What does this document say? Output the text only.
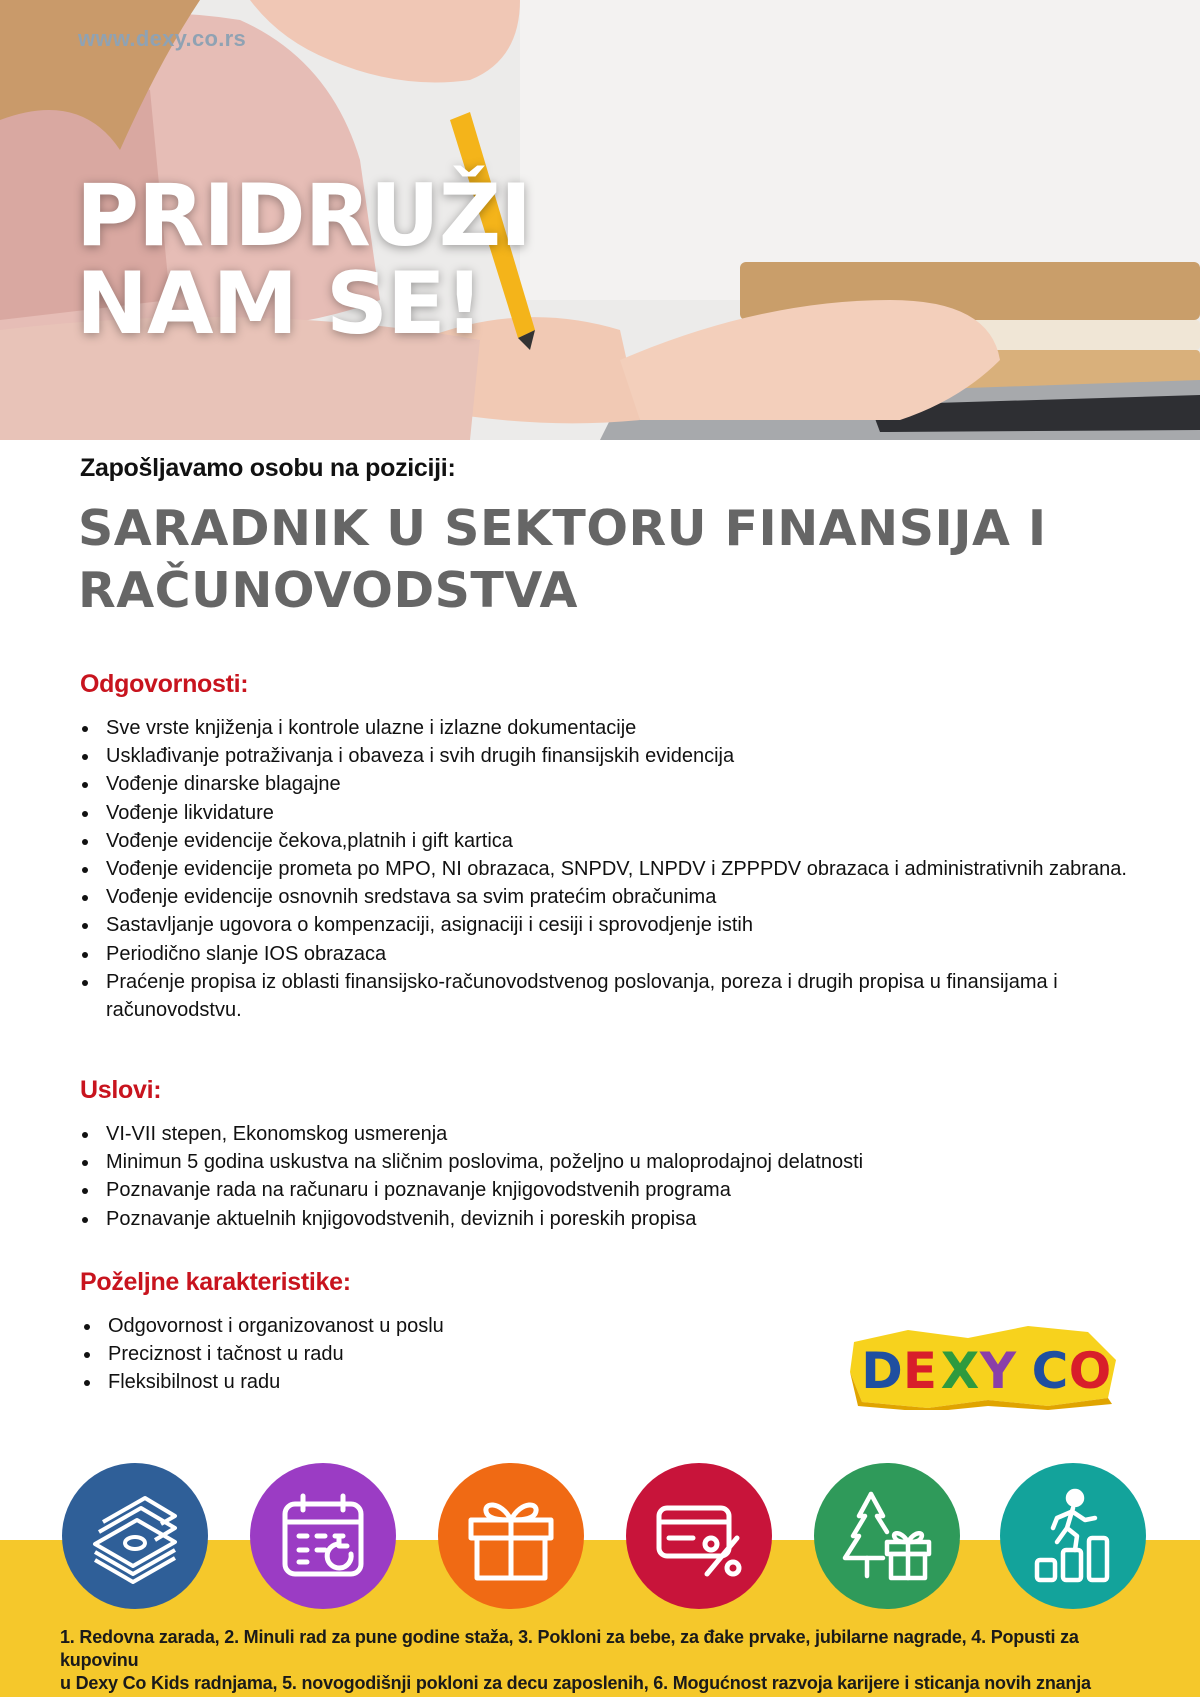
www.dexy.co.rs
PRIDRUŽI
NAM SE!
Zapošljavamo osobu na poziciji:
SARADNIK U SEKTORU FINANSIJA I RAČUNOVODSTVA
Odgovornosti:
Sve vrste knjiženja i kontrole ulazne i izlazne dokumentacije
Usklađivanje potraživanja i obaveza i svih drugih finansijskih evidencija
Vođenje dinarske blagajne
Vođenje likvidature
Vođenje evidencije čekova,platnih i gift kartica
Vođenje evidencije prometa po MPO, NI obrazaca, SNPDV, LNPDV i ZPPPDV obrazaca i administrativnih zabrana.
Vođenje evidencije osnovnih sredstava sa svim pratećim obračunima
Sastavljanje ugovora o kompenzaciji, asignaciji i cesiji i sprovodjenje istih
Periodično slanje IOS obrazaca
Praćenje propisa iz oblasti finansijsko-računovodstvenog poslovanja, poreza i drugih propisa u finansijama i računovodstvu.
Uslovi:
VI-VII stepen, Ekonomskog usmerenja
Minimun 5 godina uskustva na sličnim poslovima, poželjno u maloprodajnoj delatnosti
Poznavanje rada na računaru i poznavanje knjigovodstvenih programa
Poznavanje aktuelnih knjigovodstvenih, deviznih i poreskih propisa
Poželjne karakteristike:
Odgovornost i organizovanost u poslu
Preciznost i tačnost u radu
Fleksibilnost u radu	D E X Y C O

1. Redovna zarada, 2. Minuli rad za pune godine staža, 3. Pokloni za bebe, za đake prvake, jubilarne nagrade, 4. Popusti za kupovinu
u Dexy Co Kids radnjama, 5. novogodišnji pokloni za decu zaposlenih, 6. Mogućnost razvoja karijere i sticanja novih znanja
